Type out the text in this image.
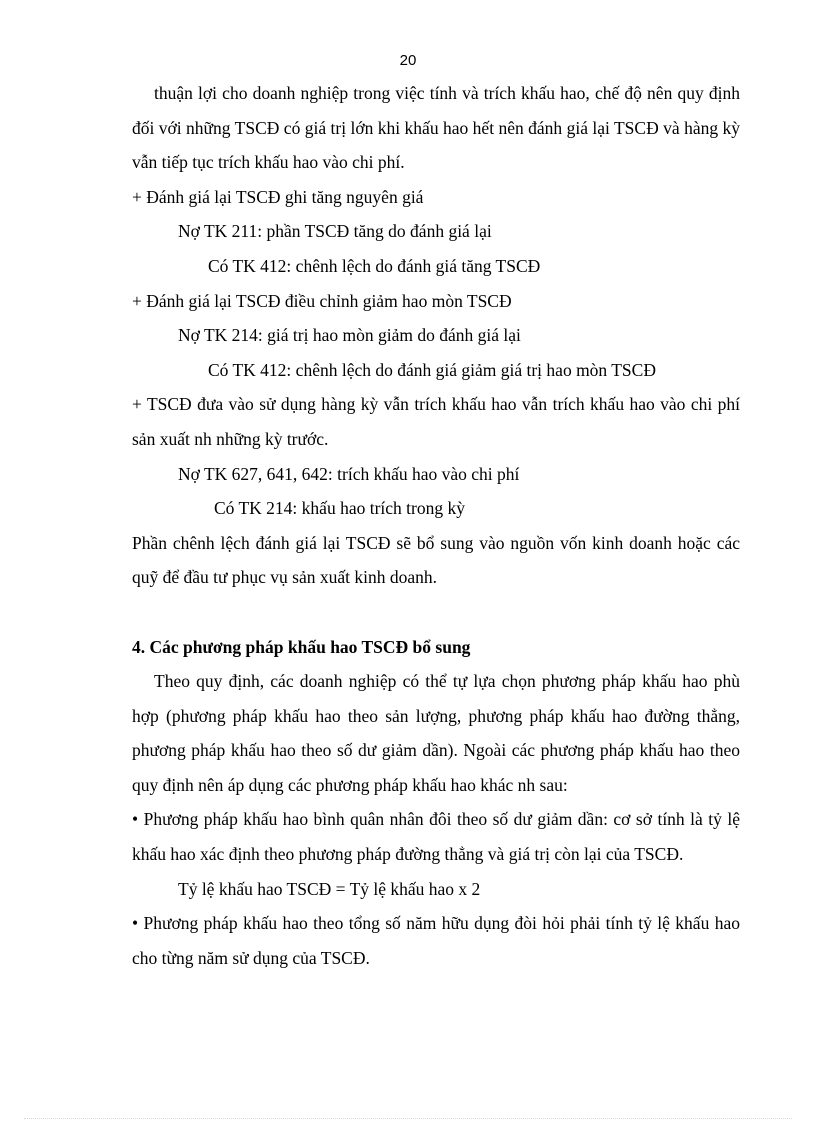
20

thuận lợi cho doanh nghiệp trong việc tính và trích khấu hao, chế độ nên quy định đối với những TSCĐ có giá trị lớn khi khấu hao hết nên đánh giá lại TSCĐ và hàng kỳ vẫn tiếp tục trích khấu hao vào chi phí.

+ Đánh giá lại TSCĐ ghi tăng nguyên giá

Nợ TK 211: phần TSCĐ tăng do đánh giá lại

Có TK 412: chênh lệch do đánh giá tăng TSCĐ

+ Đánh giá lại TSCĐ điều chỉnh giảm hao mòn TSCĐ

Nợ TK 214: giá trị hao mòn giảm do đánh giá lại

Có TK 412: chênh lệch do đánh giá giảm giá trị hao mòn TSCĐ

+ TSCĐ đưa vào sử dụng hàng kỳ vẫn trích khấu hao vẫn trích khấu hao vào chi phí sản xuất nh những kỳ trước.

Nợ TK 627, 641, 642: trích khấu hao vào chi phí

Có TK 214: khấu hao trích trong kỳ

Phần chênh lệch đánh giá lại TSCĐ sẽ bổ sung vào nguồn vốn kinh doanh hoặc các quỹ để đầu tư phục vụ sản xuất kinh doanh.

4. Các phương pháp khấu hao TSCĐ bổ sung

Theo quy định, các doanh nghiệp có thể tự lựa chọn phương pháp khấu hao phù hợp (phương pháp khấu hao theo sản lượng, phương pháp khấu hao đường thẳng, phương pháp khấu hao theo số dư giảm dần). Ngoài các phương pháp khấu hao theo quy định nên áp dụng các phương pháp khấu hao khác nh sau:

• Phương pháp khấu hao bình quân nhân đôi theo số dư giảm dần: cơ sở tính là tỷ lệ khấu hao xác định theo phương pháp đường thẳng và giá trị còn lại của TSCĐ.

Tỷ lệ khấu hao TSCĐ = Tỷ lệ khấu hao x 2

• Phương pháp khấu hao theo tổng số năm hữu dụng đòi hỏi phải tính tỷ lệ khấu hao cho từng năm sử dụng của TSCĐ.
